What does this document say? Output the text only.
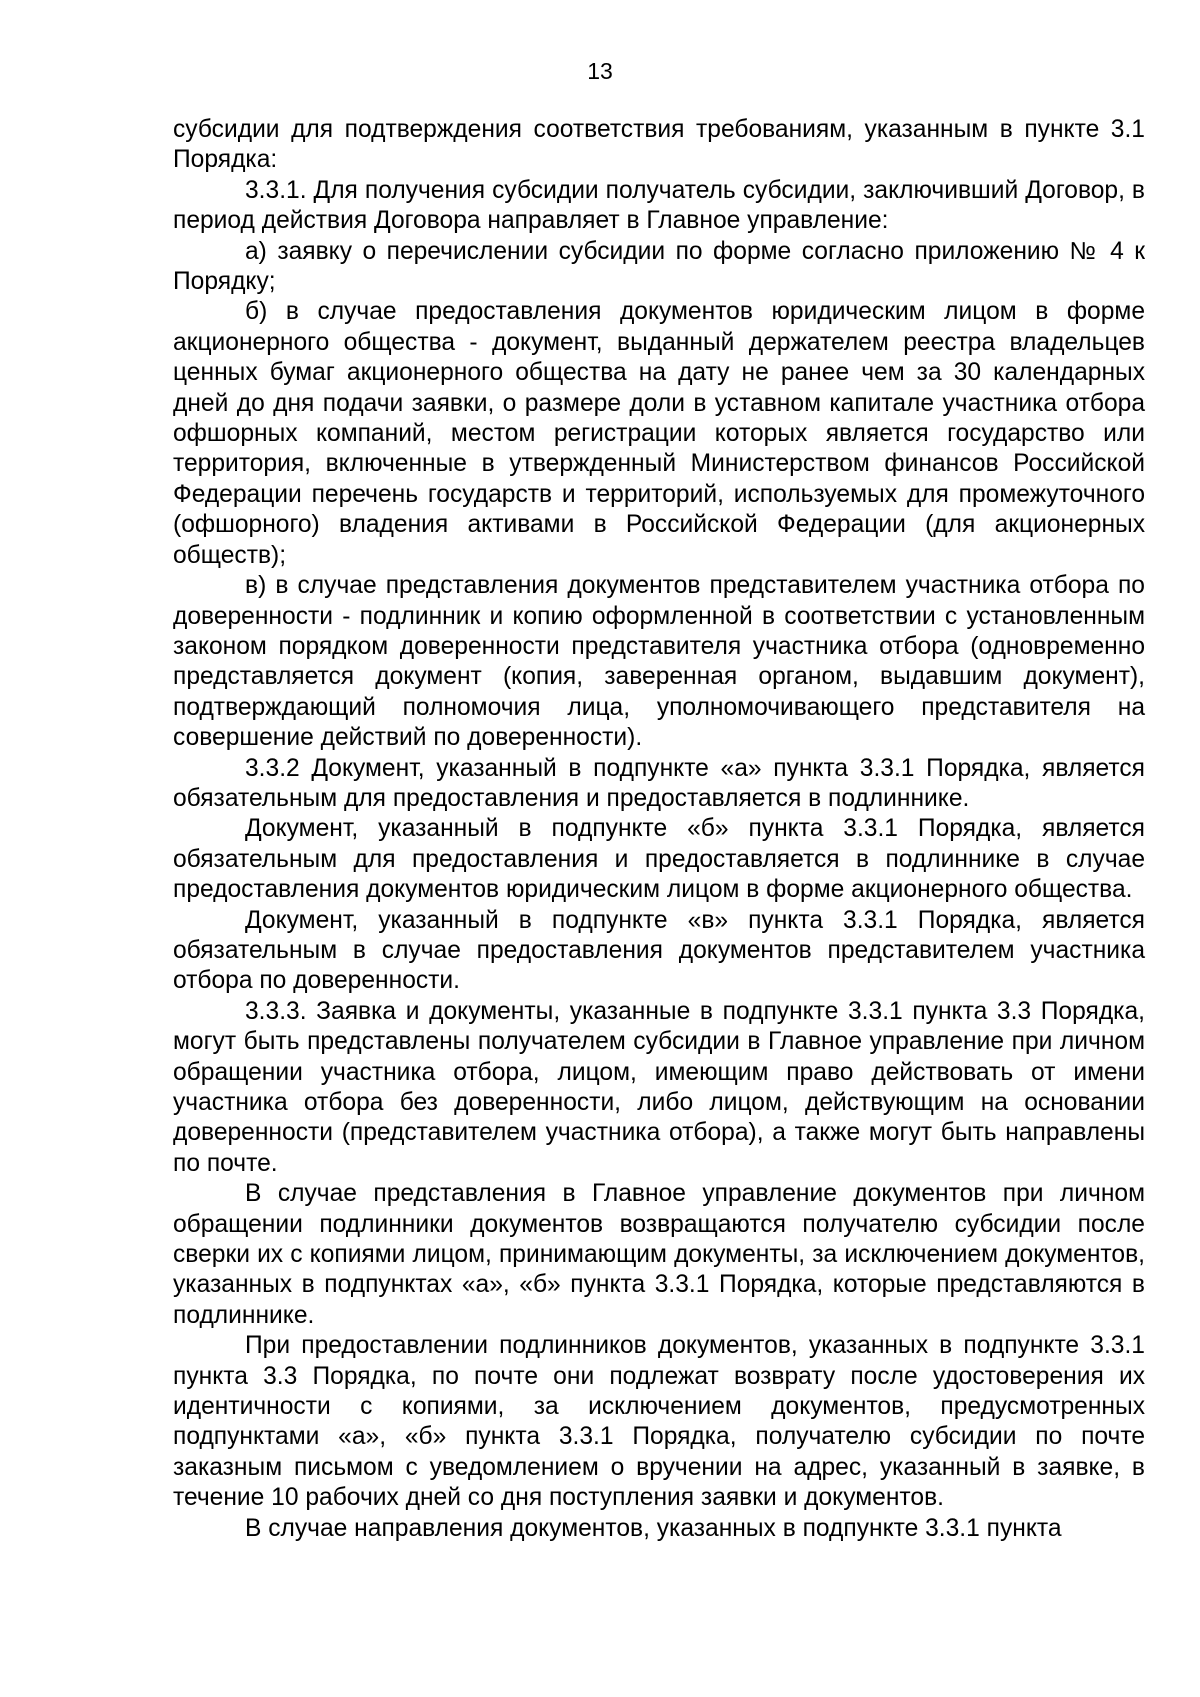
13

субсидии для подтверждения соответствия требованиям, указанным в пункте 3.1 Порядка:

3.3.1. Для получения субсидии получатель субсидии, заключивший Договор, в период действия Договора направляет в Главное управление:

а) заявку о перечислении субсидии по форме согласно приложению № 4 к Порядку;

б) в случае предоставления документов юридическим лицом в форме акционерного общества - документ, выданный держателем реестра владельцев ценных бумаг акционерного общества на дату не ранее чем за 30 календарных дней до дня подачи заявки, о размере доли в уставном капитале участника отбора офшорных компаний, местом регистрации которых является государство или территория, включенные в утвержденный Министерством финансов Российской Федерации перечень государств и территорий, используемых для промежуточного (офшорного) владения активами в Российской Федерации (для акционерных обществ);

в) в случае представления документов представителем участника отбора по доверенности - подлинник и копию оформленной в соответствии с установленным законом порядком доверенности представителя участника отбора (одновременно представляется документ (копия, заверенная органом, выдавшим документ), подтверждающий полномочия лица, уполномочивающего представителя на совершение действий по доверенности).

3.3.2 Документ, указанный в подпункте «а» пункта 3.3.1 Порядка, является обязательным для предоставления и предоставляется в подлиннике.

Документ, указанный в подпункте «б» пункта 3.3.1 Порядка, является обязательным для предоставления и предоставляется в подлиннике в случае предоставления документов юридическим лицом в форме акционерного общества.

Документ, указанный в подпункте «в» пункта 3.3.1 Порядка, является обязательным в случае предоставления документов представителем участника отбора по доверенности.

3.3.3. Заявка и документы, указанные в подпункте 3.3.1 пункта 3.3 Порядка, могут быть представлены получателем субсидии в Главное управление при личном обращении участника отбора, лицом, имеющим право действовать от имени участника отбора без доверенности, либо лицом, действующим на основании доверенности (представителем участника отбора), а также могут быть направлены по почте.

В случае представления в Главное управление документов при личном обращении подлинники документов возвращаются получателю субсидии после сверки их с копиями лицом, принимающим документы, за исключением документов, указанных в подпунктах «а», «б» пункта 3.3.1 Порядка, которые представляются в подлиннике.

При предоставлении подлинников документов, указанных в подпункте 3.3.1 пункта 3.3 Порядка, по почте они подлежат возврату после удостоверения их идентичности с копиями, за исключением документов, предусмотренных подпунктами «а», «б» пункта 3.3.1 Порядка, получателю субсидии по почте заказным письмом с уведомлением о вручении на адрес, указанный в заявке, в течение 10 рабочих дней со дня поступления заявки и документов.

В случае направления документов, указанных в подпункте 3.3.1 пункта
